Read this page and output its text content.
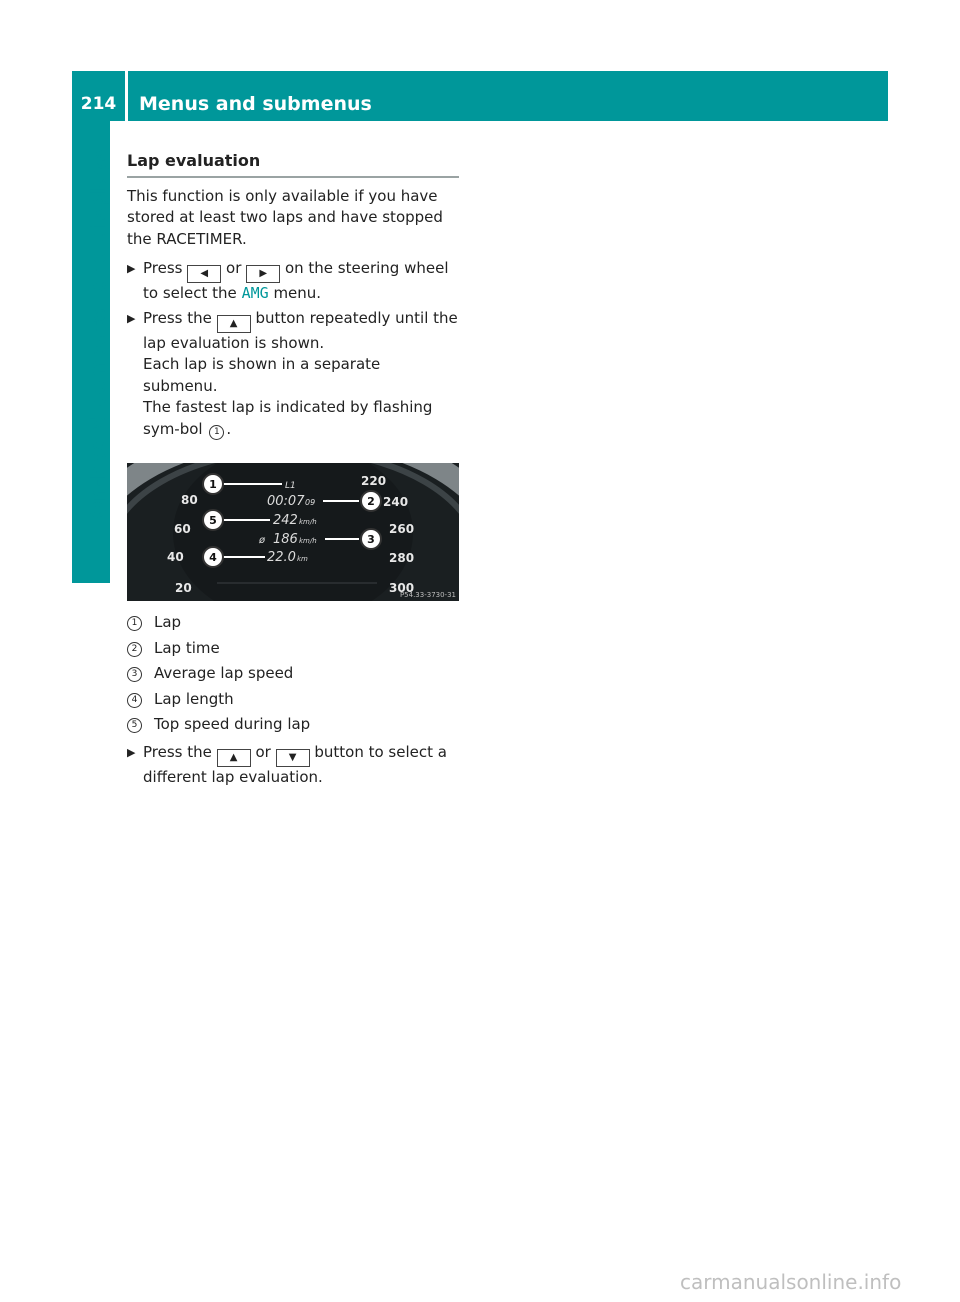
214	Menus and submenus
On-board computer and displays Lap evaluation

This function is only available if you have stored at least two laps and have stopped the RACETIMER.

▶ Press ◀ or ▶ on the steering wheel to select the AMG menu.
▶ Press the ▲ button repeatedly until the lap evaluation is shown.
Each lap is shown in a separate submenu.
The fastest lap is indicated by flashing sym-bol	1 .
80
60
40
20
220
240
260
280
300
L1
00:07 09
242 km/h
ø 186 km/h
22.0 km
1
2
3
4
5
P54.33-3730-31
1	Lap
2	Lap time
3	Average lap speed
4	Lap length
5	Top speed during lap
▶ Press the ▲ or ▼ button to select a different lap evaluation.
carmanualsonline.info
